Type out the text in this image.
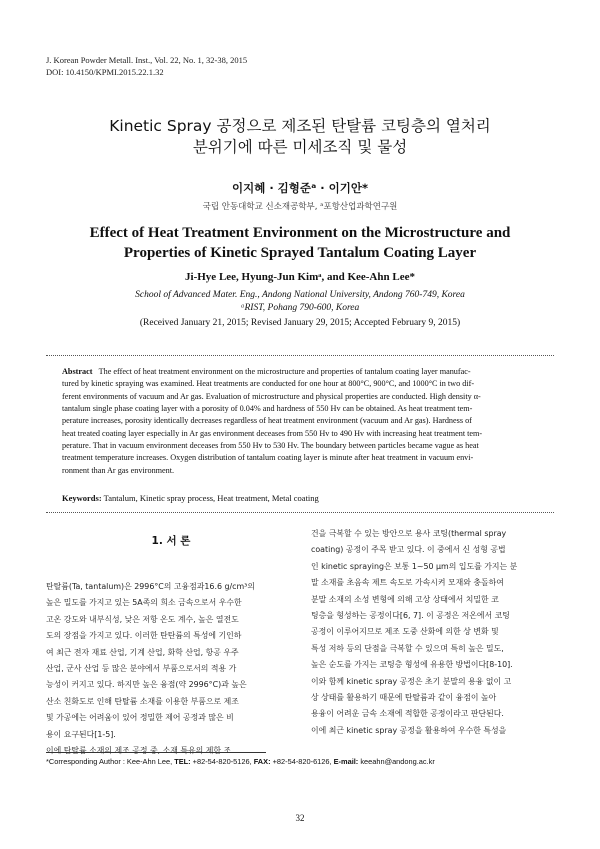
J. Korean Powder Metall. Inst., Vol. 22, No. 1, 32-38, 2015
DOI: 10.4150/KPMI.2015.22.1.32
Kinetic Spray 공정으로 제조된 탄탈륨 코팅층의 열처리
분위기에 따른 미세조직 및 물성
이지혜 · 김형준ᵃ · 이기안*
국립 안동대학교 신소재공학부, ᵃ포항산업과학연구원
Effect of Heat Treatment Environment on the Microstructure and
Properties of Kinetic Sprayed Tantalum Coating Layer
Ji-Hye Lee, Hyung-Jun Kimᵃ, and Kee-Ahn Lee*
School of Advanced Mater. Eng., Andong National University, Andong 760-749, Korea
ᵃRIST, Pohang 790-600, Korea
(Received January 21, 2015; Revised January 29, 2015; Accepted February 9, 2015)
Abstract The effect of heat treatment environment on the microstructure and properties of tantalum coating layer manufac-
tured by kinetic spraying was examined. Heat treatments are conducted for one hour at 800°C, 900°C, and 1000°C in two dif-
ferent environments of vacuum and Ar gas. Evaluation of microstructure and physical properties are conducted. High density α-
tantalum single phase coating layer with a porosity of 0.04% and hardness of 550 Hv can be obtained. As heat treatment tem-
perature increases, porosity identically decreases regardless of heat treatment environment (vacuum and Ar gas). Hardness of
heat treated coating layer especially in Ar gas environment deceases from 550 Hv to 490 Hv with increasing heat treatment tem-
perature. That in vacuum environment deceases from 550 Hv to 530 Hv. The boundary between particles became vague as heat
treatment temperature increases. Oxygen distribution of tantalum coating layer is minute after heat treatment in vacuum envi-
ronment than Ar gas environment.
Keywords: Tantalum, Kinetic spray process, Heat treatment, Metal coating
1. 서 론
탄탈륨(Ta, tantalum)은 2996°C의 고융점과16.6 g/cm³의
높은 밀도를 가지고 있는 5A족의 희소 금속으로서 우수한
고온 강도와 내부식성, 낮은 저항 온도 계수, 높은 열전도
도의 장점을 가지고 있다. 이러한 탄탄륨의 특성에 기인하
여 최근 전자 재료 산업, 기계 산업, 화학 산업, 항공 우주
산업, 군사 산업 등 많은 분야에서 부품으로서의 적용 가
능성이 커지고 있다. 하지만 높은 융점(약 2996°C)과 높은
산소 친화도로 인해 탄탈륨 소재를 이용한 부품으로 제조
및 가공에는 어려움이 있어 정밀한 제어 공정과 많은 비
용이 요구된다[1-5].
이에 탄탈륨 소재의 제조 공정 중, 소재 특유의 제한 조
건을 극복할 수 있는 방안으로 용사 코팅(thermal spray
coating) 공정이 주목 받고 있다. 이 중에서 신 성형 공법
인 kinetic spraying은 보통 1~50 μm의 입도를 가지는 분
말 소재를 초음속 제트 속도로 가속시켜 모재와 충돌하여
분말 소재의 소성 변형에 의해 고상 상태에서 치밀한 코
팅층을 형성하는 공정이다[6, 7]. 이 공정은 저온에서 코팅
공정이 이루어지므로 제조 도중 산화에 의한 상 변화 및
특성 저하 등의 단점을 극복할 수 있으며 특히 높은 밀도,
높은 순도를 가지는 코팅층 형성에 유용한 방법이다[8-10].
이와 함께 kinetic spray 공정은 초기 분말의 용융 없이 고
상 상태를 활용하기 때문에 탄탈륨과 같이 융점이 높아
용융이 어려운 금속 소재에 적합한 공정이라고 판단된다.
이에 최근 kinetic spray 공정을 활용하여 우수한 특성을
*Corresponding Author : Kee-Ahn Lee, TEL: +82-54-820-5126, FAX: +82-54-820-6126, E-mail: keeahn@andong.ac.kr
32
